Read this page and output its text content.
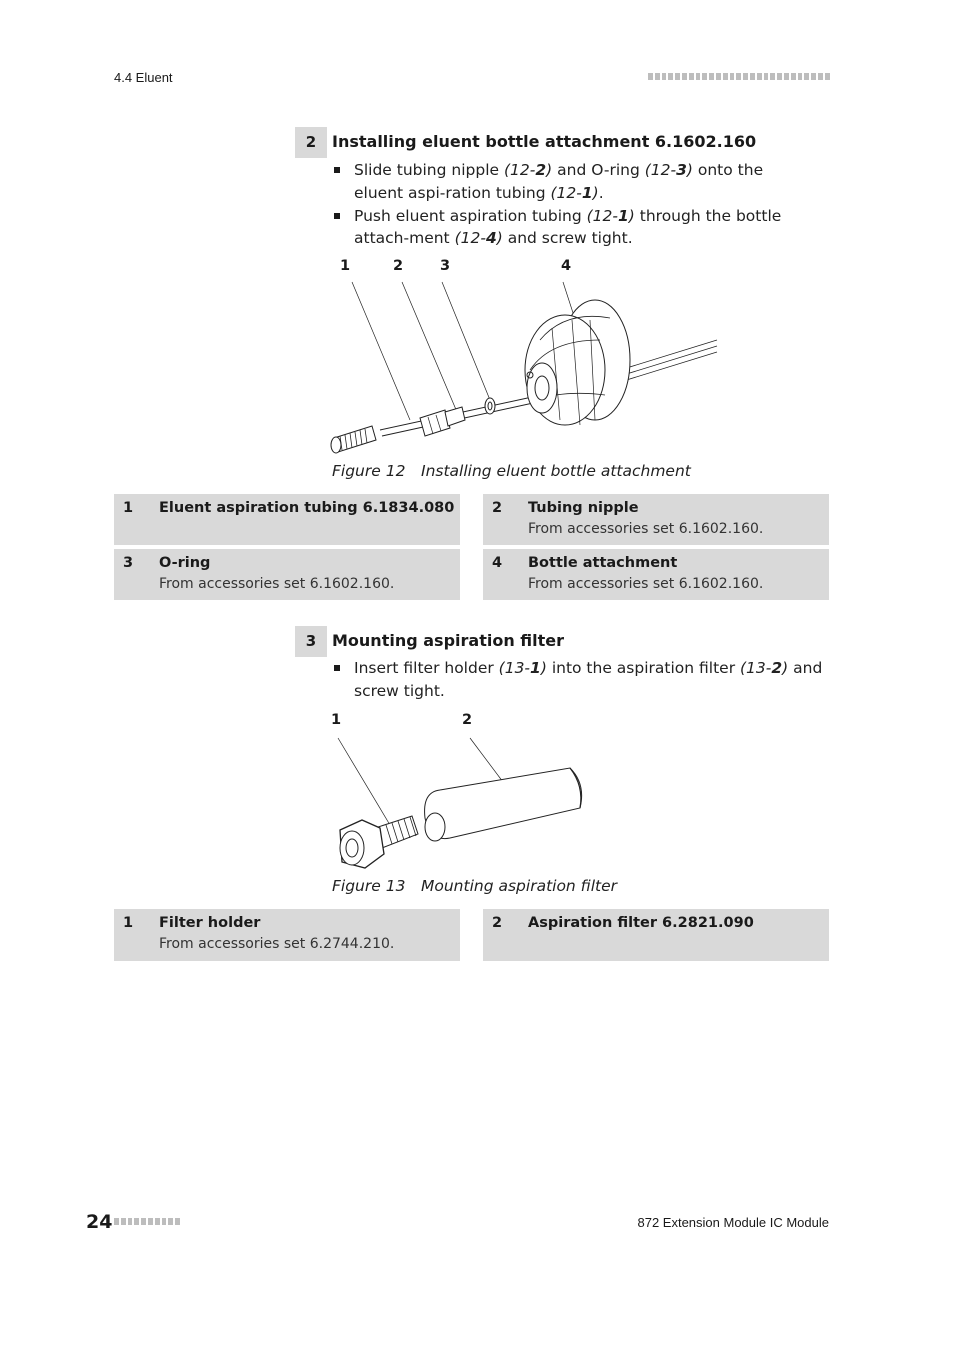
4.4 Eluent
2 Installing eluent bottle attachment 6.1602.160
Slide tubing nipple (12-2) and O-ring (12-3) onto the eluent aspi-ration tubing (12-1).
Push eluent aspiration tubing (12-1) through the bottle attach-ment (12-4) and screw tight.
1	2	3	4
Figure 12 Installing eluent bottle attachment
1 Eluent aspiration tubing 6.1834.080	2 Tubing nipple
From accessories set 6.1602.160.
3 O-ring
From accessories set 6.1602.160.
4 Bottle attachment
From accessories set 6.1602.160.
3 Mounting aspiration filter
Insert filter holder (13-1) into the aspiration filter (13-2) and screw tight.
1	2
Figure 13 Mounting aspiration filter
1 Filter holder
From accessories set 6.2744.210.
2 Aspiration filter 6.2821.090
24	872 Extension Module IC Module
